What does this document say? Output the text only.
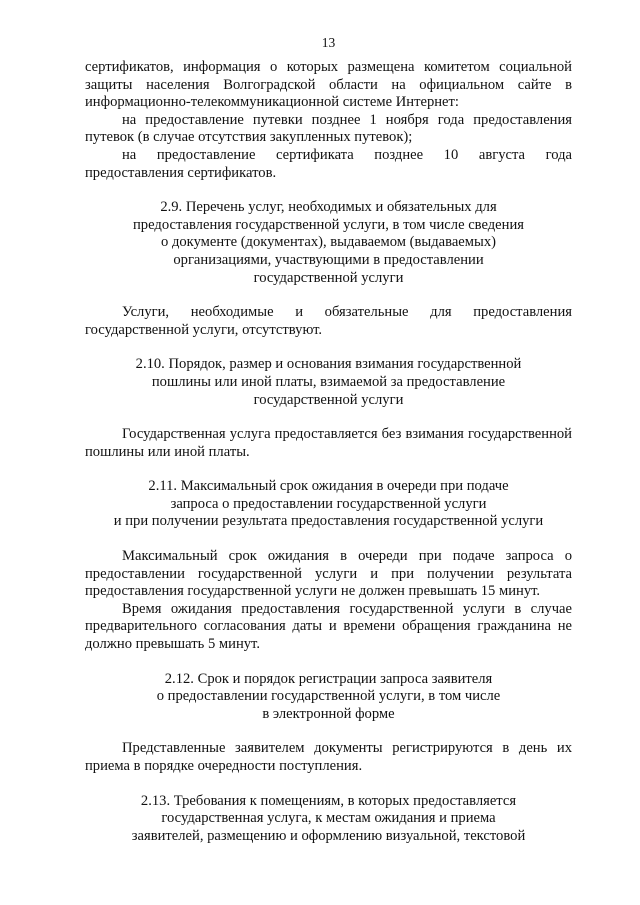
13

сертификатов, информация о которых размещена комитетом социальной защиты населения Волгоградской области на официальном сайте в информационно-телекоммуникационной системе Интернет:

на предоставление путевки позднее 1 ноября года предоставления путевок (в случае отсутствия закупленных путевок);

на предоставление сертификата позднее 10 августа года предоставления сертификатов.

2.9. Перечень услуг, необходимых и обязательных для
предоставления государственной услуги, в том числе сведения
о документе (документах), выдаваемом (выдаваемых)
организациями, участвующими в предоставлении
государственной услуги

Услуги, необходимые и обязательные для предоставления государственной услуги, отсутствуют.

2.10. Порядок, размер и основания взимания государственной
пошлины или иной платы, взимаемой за предоставление
государственной услуги

Государственная услуга предоставляется без взимания государственной пошлины или иной платы.

2.11. Максимальный срок ожидания в очереди при подаче
запроса о предоставлении государственной услуги
и при получении результата предоставления государственной услуги

Максимальный срок ожидания в очереди при подаче запроса о предоставлении государственной услуги и при получении результата предоставления государственной услуги не должен превышать 15 минут.

Время ожидания предоставления государственной услуги в случае предварительного согласования даты и времени обращения гражданина не должно превышать 5 минут.

2.12. Срок и порядок регистрации запроса заявителя
о предоставлении государственной услуги, в том числе
в электронной форме

Представленные заявителем документы регистрируются в день их приема в порядке очередности поступления.

2.13. Требования к помещениям, в которых предоставляется
государственная услуга, к местам ожидания и приема
заявителей, размещению и оформлению визуальной, текстовой
